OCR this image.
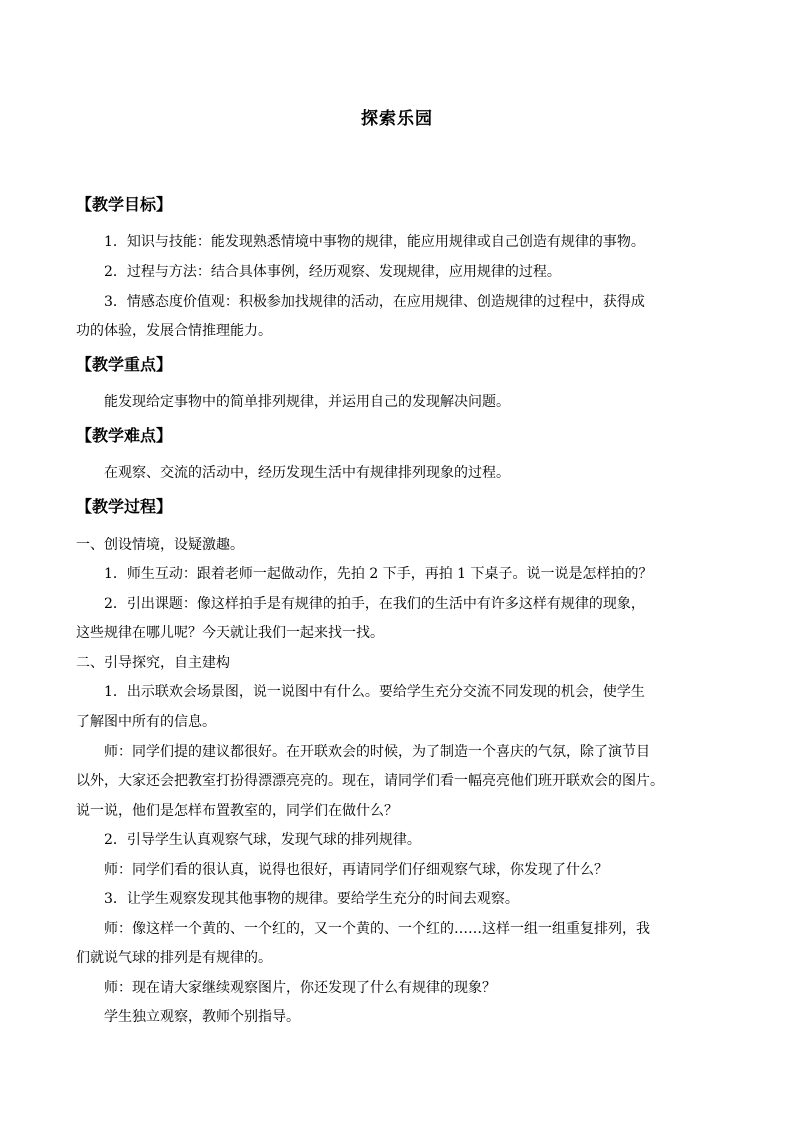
探索乐园
【教学目标】
1．知识与技能：能发现熟悉情境中事物的规律，能应用规律或自己创造有规律的事物。
2．过程与方法：结合具体事例，经历观察、发现规律，应用规律的过程。
3．情感态度价值观：积极参加找规律的活动，在应用规律、创造规律的过程中，获得成
功的体验，发展合情推理能力。
【教学重点】
能发现给定事物中的简单排列规律，并运用自己的发现解决问题。
【教学难点】
在观察、交流的活动中，经历发现生活中有规律排列现象的过程。
【教学过程】
一、创设情境，设疑激趣。
1．师生互动：跟着老师一起做动作，先拍 2 下手，再拍 1 下桌子。说一说是怎样拍的？
2．引出课题：像这样拍手是有规律的拍手，在我们的生活中有许多这样有规律的现象，
这些规律在哪儿呢？今天就让我们一起来找一找。
二、引导探究，自主建构
1．出示联欢会场景图，说一说图中有什么。要给学生充分交流不同发现的机会，使学生
了解图中所有的信息。
师：同学们提的建议都很好。在开联欢会的时候，为了制造一个喜庆的气氛，除了演节目
以外，大家还会把教室打扮得漂漂亮亮的。现在，请同学们看一幅亮亮他们班开联欢会的图片。
说一说，他们是怎样布置教室的，同学们在做什么？
2．引导学生认真观察气球，发现气球的排列规律。
师：同学们看的很认真，说得也很好，再请同学们仔细观察气球，你发现了什么？
3．让学生观察发现其他事物的规律。要给学生充分的时间去观察。
师：像这样一个黄的、一个红的，又一个黄的、一个红的……这样一组一组重复排列，我
们就说气球的排列是有规律的。
师：现在请大家继续观察图片，你还发现了什么有规律的现象？
学生独立观察，教师个别指导。
